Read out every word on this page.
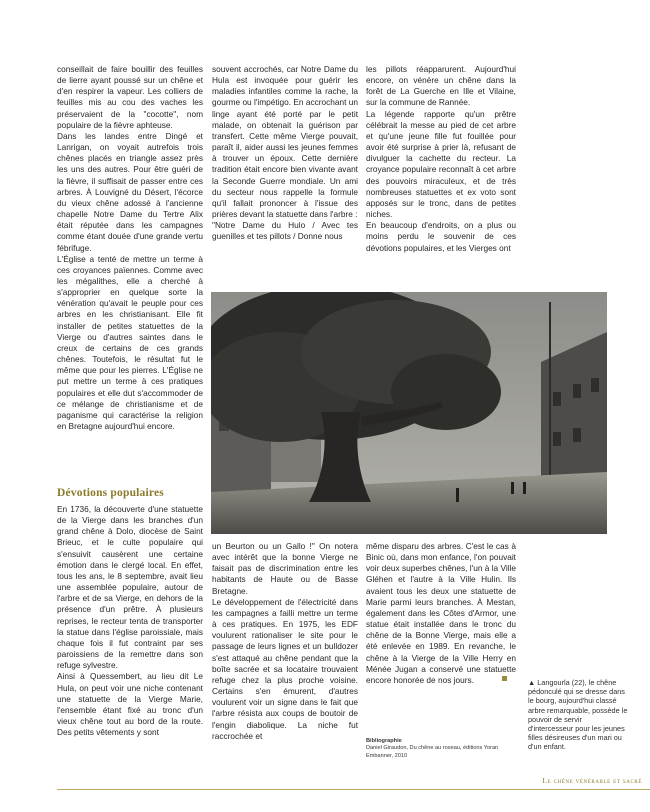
conseillait de faire bouillir des feuilles de lierre ayant poussé sur un chêne et d'en respirer la vapeur. Les colliers de feuilles mis au cou des vaches les préservaient de la "cocotte", nom populaire de la fièvre aphteuse.

Dans les landes entre Dingé et Lanrigan, on voyait autrefois trois chênes placés en triangle assez près les uns des autres. Pour être guéri de la fièvre, il suffisait de passer entre ces arbres. À Louvigné du Désert, l'écorce du vieux chêne adossé à l'ancienne chapelle Notre Dame du Tertre Alix était réputée dans les campagnes comme étant douée d'une grande vertu fébrifuge.

L'Église a tenté de mettre un terme à ces croyances païennes. Comme avec les mégalithes, elle a cherché à s'approprier en quelque sorte la vénération qu'avait le peuple pour ces arbres en les christianisant. Elle fit installer de petites statuettes de la Vierge ou d'autres saintes dans le creux de certains de ces grands chênes. Toutefois, le résultat fut le même que pour les pierres. L'Église ne put mettre un terme à ces pratiques populaires et elle dut s'accommoder de ce mélange de christianisme et de paganisme qui caractérise la religion en Bretagne aujourd'hui encore.

Dévotions populaires

En 1736, la découverte d'une statuette de la Vierge dans les branches d'un grand chêne à Dolo, diocèse de Saint Brieuc, et le culte populaire qui s'ensuivit causèrent une certaine émotion dans le clergé local. En effet, tous les ans, le 8 septembre, avait lieu une assemblée populaire, autour de l'arbre et de sa Vierge, en dehors de la présence d'un prêtre. À plusieurs reprises, le recteur tenta de transporter la statue dans l'église paroissiale, mais chaque fois il fut contraint par ses paroissiens de la remettre dans son refuge sylvestre.

Ainsi à Quessembert, au lieu dit Le Hula, on peut voir une niche contenant une statuette de la Vierge Marie, l'ensemble étant fixé au tronc d'un vieux chêne tout au bord de la route. Des petits vêtements y sont

souvent accrochés, car Notre Dame du Hula est invoquée pour guérir les maladies infantiles comme la rache, la gourme ou l'impétigo. En accrochant un linge ayant été porté par le petit malade, on obtenait la guérison par transfert. Cette même Vierge pouvait, paraît il, aider aussi les jeunes femmes à trouver un époux. Cette dernière tradition était encore bien vivante avant la Seconde Guerre mondiale. Un ami du secteur nous rappelle la formule qu'il fallait prononcer à l'issue des prières devant la statuette dans l'arbre :

"Notre Dame du Hulo / Avec tes guenilles et tes pillots / Donne nous

les pillots réapparurent. Aujourd'hui encore, on vénère un chêne dans la forêt de La Guerche en Ille et Vilaine, sur la commune de Rannée.

La légende rapporte qu'un prêtre célébrait la messe au pied de cet arbre et qu'une jeune fille fut fouillée pour avoir été surprise à prier là, refusant de divulguer la cachette du recteur. La croyance populaire reconnaît à cet arbre des pouvoirs miraculeux, et de très nombreuses statuettes et ex voto sont apposés sur le tronc, dans de petites niches.

En beaucoup d'endroits, on a plus ou moins perdu le souvenir de ces dévotions populaires, et les Vierges ont

un Beurton ou un Gallo !" On notera avec intérêt que la bonne Vierge ne faisait pas de discrimination entre les habitants de Haute ou de Basse Bretagne.

Le développement de l'électricité dans les campagnes a failli mettre un terme à ces pratiques. En 1975, les EDF voulurent rationaliser le site pour le passage de leurs lignes et un bulldozer s'est attaqué au chêne pendant que la boîte sacrée et sa locataire trouvaient refuge chez la plus proche voisine. Certains s'en émurent, d'autres voulurent voir un signe dans le fait que l'arbre résista aux coups de boutoir de l'engin diabolique. La niche fut raccrochée et

même disparu des arbres. C'est le cas à Binic où, dans mon enfance, l'on pouvait voir deux superbes chênes, l'un à la Ville Gléhen et l'autre à la Ville Hulin. Ils avaient tous les deux une statuette de Marie parmi leurs branches. À Mestan, également dans les Côtes d'Armor, une statue était installée dans le tronc du chêne de la Bonne Vierge, mais elle a été enlevée en 1989. En revanche, le chêne à la Vierge de la Ville Herry en Ménée Jugan a conservé une statuette encore honorée de nos jours.	▲ Langourla (22), le chêne pédonculé qui se dresse dans le bourg, aujourd'hui classé arbre remarquable, possède le pouvoir de servir d'intercesseur pour les jeunes filles désireuses d'un mari ou d'un enfant.
Bibliographie
Daniel Giraudon, Du chêne au roseau, éditions Yoran Embanner, 2010
Le chêne vénérable et sacré
